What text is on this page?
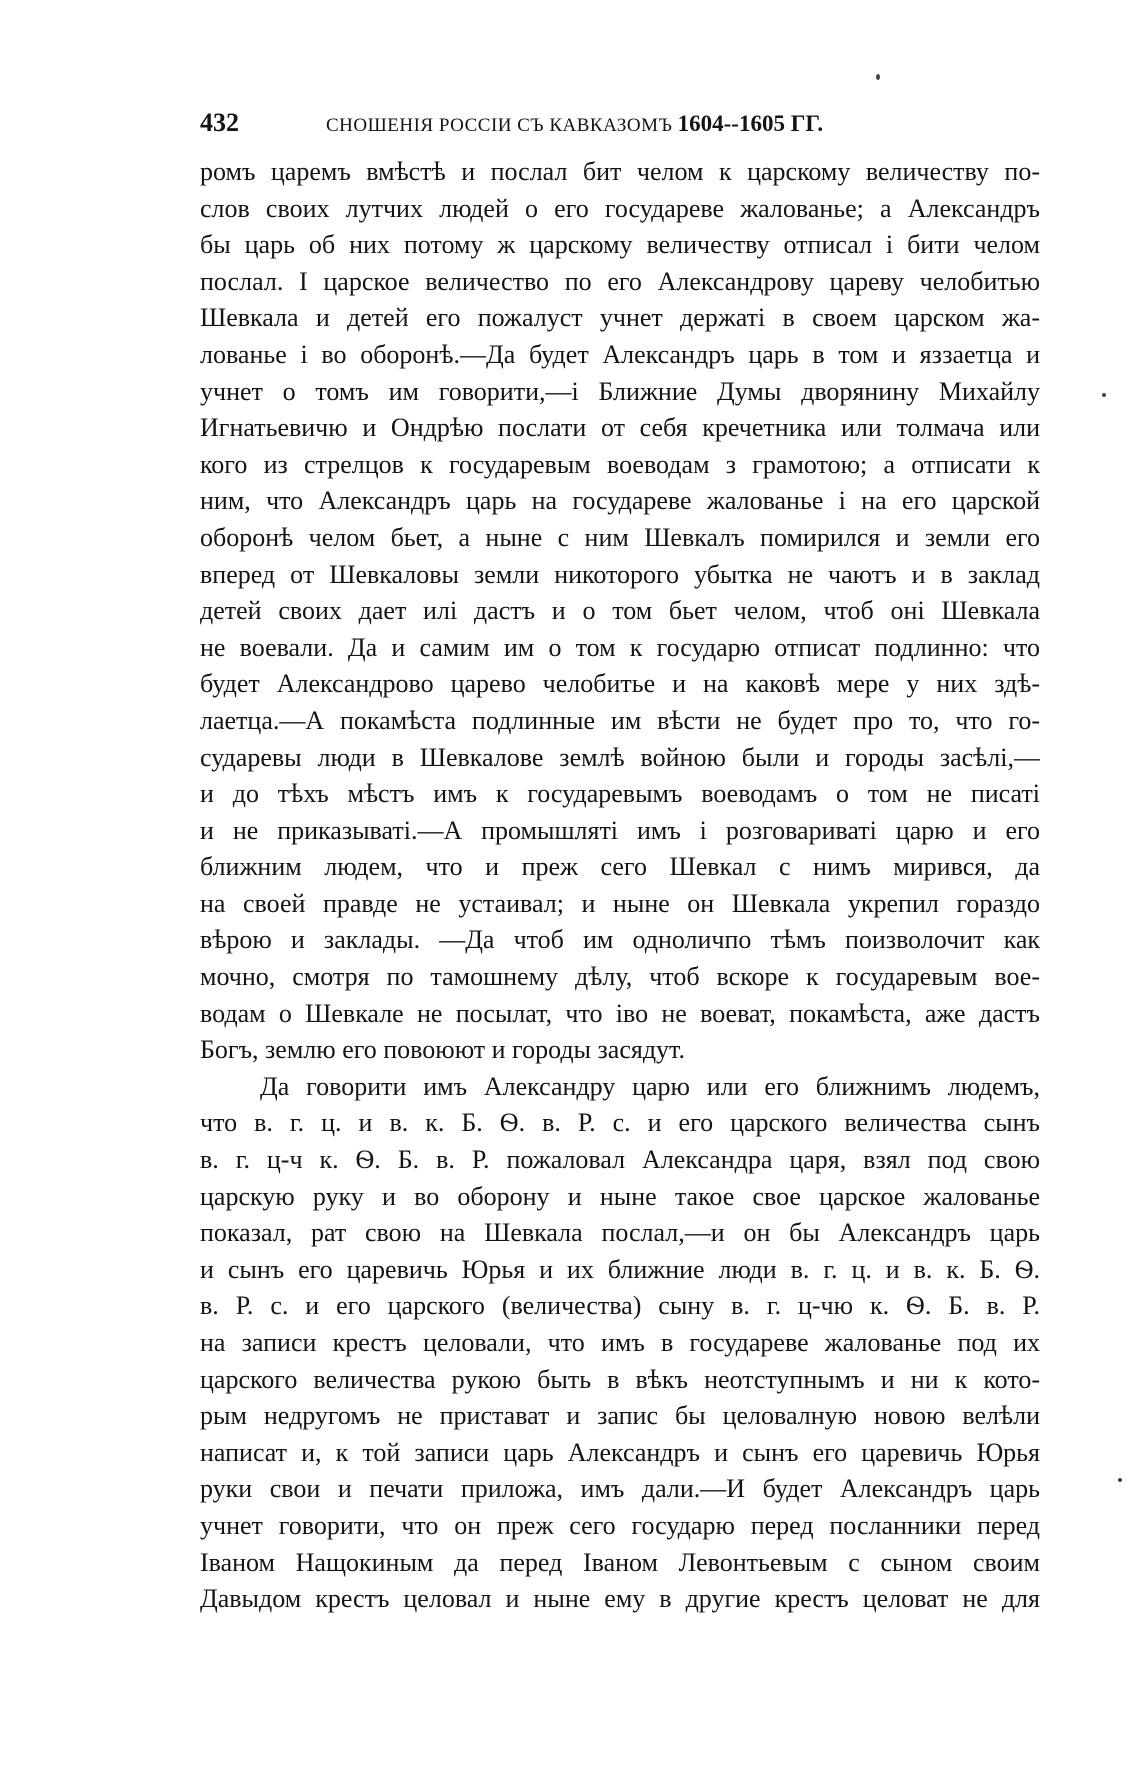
432	СНОШЕНІЯ РОССІИ СЪ КАВКАЗОМЪ 1604--1605 ГГ.
ромъ царемъ вмѣстѣ и послал бит челом к царскому величеству по-
слов своих лутчих людей о его государеве жалованье; а Александръ
бы царь об них потому ж царскому величеству отписал і бити челом
послал. І царское величество по его Александрову цареву челобитью
Шевкала и детей его пожалуст учнет держаті в своем царском жа-
лованье і во оборонѣ.—Да будет Александръ царь в том и яззаетца и
учнет о томъ им говорити,—і Ближние Думы дворянину Михайлу
Игнатьевичю и Ондрѣю послати от себя кречетника или толмача или
кого из стрелцов к государевым воеводам з грамотою; а отписати к
ним, что Александръ царь на государеве жалованье і на его царской
оборонѣ челом бьет, а ныне с ним Шевкалъ помирился и земли его
вперед от Шевкаловы земли никоторого убытка не чаютъ и в заклад
детей своих дает илі дастъ и о том бьет челом, чтоб оні Шевкала
не воевали. Да и самим им о том к государю отписат подлинно: что
будет Александрово царево челобитье и на каковѣ мере у них здѣ-
лаетца.—А покамѣста подлинные им вѣсти не будет про то, что го-
сударевы люди в Шевкалове землѣ войною были и городы засѣлі,—
и до тѣхъ мѣстъ имъ к государевымъ воеводамъ о том не писаті
и не приказываті.—А промышляті имъ і розговариваті царю и его
ближним людем, что и преж сего Шевкал с нимъ мирився, да
на своей правде не устаивал; и ныне он Шевкала укрепил гораздо
вѣрою и заклады. —Да чтоб им одноличпо тѣмъ поизволочит как
мочно, смотря по тамошнему дѣлу, чтоб вскоре к государевым вое-
водам о Шевкале не посылат, что іво не воеват, покамѣста, аже дастъ
Богъ, землю его повоюют и городы засядут.
Да говорити имъ Александру царю или его ближнимъ людемъ,
что в. г. ц. и в. к. Б. Ѳ. в. Р. с. и его царского величества сынъ
в. г. ц-ч к. Ѳ. Б. в. Р. пожаловал Александра царя, взял под свою
царскую руку и во оборону и ныне такое свое царское жалованье
показал, рат свою на Шевкала послал,—и он бы Александръ царь
и сынъ его царевичь Юрья и их ближние люди в. г. ц. и в. к. Б. Ѳ.
в. Р. с. и его царского (величества) сыну в. г. ц-чю к. Ѳ. Б. в. Р.
на записи крестъ целовали, что имъ в государеве жалованье под их
царского величества рукою быть в вѣкъ неотступнымъ и ни к кото-
рым недругомъ не пристават и запис бы целовалную новою велѣли
написат и, к той записи царь Александръ и сынъ его царевичь Юрья
руки свои и печати приложа, имъ дали.—И будет Александръ царь
учнет говорити, что он преж сего государю перед посланники перед
Іваном Нащокиным да перед Іваном Левонтьевым с сыном своим
Давыдом крестъ целовал и ныне ему в другие крестъ целоват не для
